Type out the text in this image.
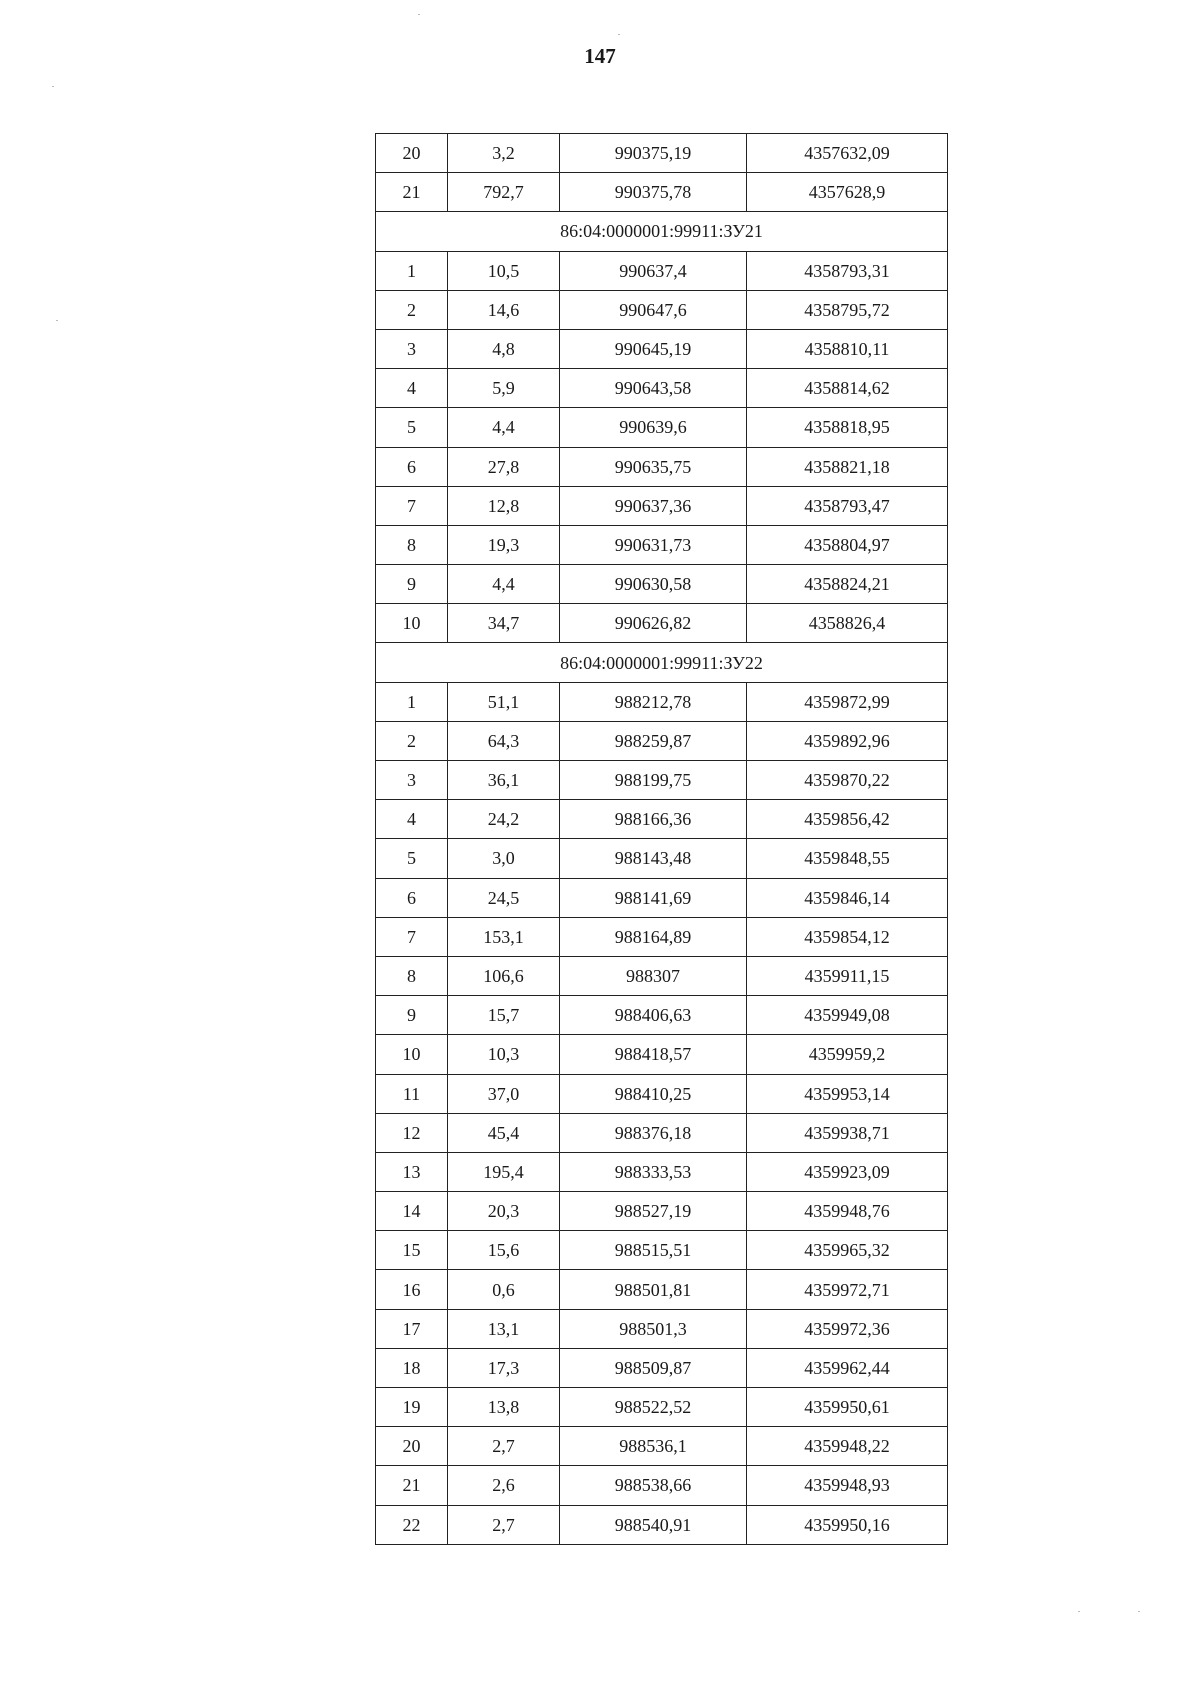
147
20	3,2	990375,19	4357632,09
21	792,7	990375,78	4357628,9
86:04:0000001:99911:ЗУ21			
1	10,5	990637,4	4358793,31
2	14,6	990647,6	4358795,72
3	4,8	990645,19	4358810,11
4	5,9	990643,58	4358814,62
5	4,4	990639,6	4358818,95
6	27,8	990635,75	4358821,18
7	12,8	990637,36	4358793,47
8	19,3	990631,73	4358804,97
9	4,4	990630,58	4358824,21
10	34,7	990626,82	4358826,4
86:04:0000001:99911:ЗУ22			
1	51,1	988212,78	4359872,99
2	64,3	988259,87	4359892,96
3	36,1	988199,75	4359870,22
4	24,2	988166,36	4359856,42
5	3,0	988143,48	4359848,55
6	24,5	988141,69	4359846,14
7	153,1	988164,89	4359854,12
8	106,6	988307	4359911,15
9	15,7	988406,63	4359949,08
10	10,3	988418,57	4359959,2
11	37,0	988410,25	4359953,14
12	45,4	988376,18	4359938,71
13	195,4	988333,53	4359923,09
14	20,3	988527,19	4359948,76
15	15,6	988515,51	4359965,32
16	0,6	988501,81	4359972,71
17	13,1	988501,3	4359972,36
18	17,3	988509,87	4359962,44
19	13,8	988522,52	4359950,61
20	2,7	988536,1	4359948,22
21	2,6	988538,66	4359948,93
22	2,7	988540,91	4359950,16
